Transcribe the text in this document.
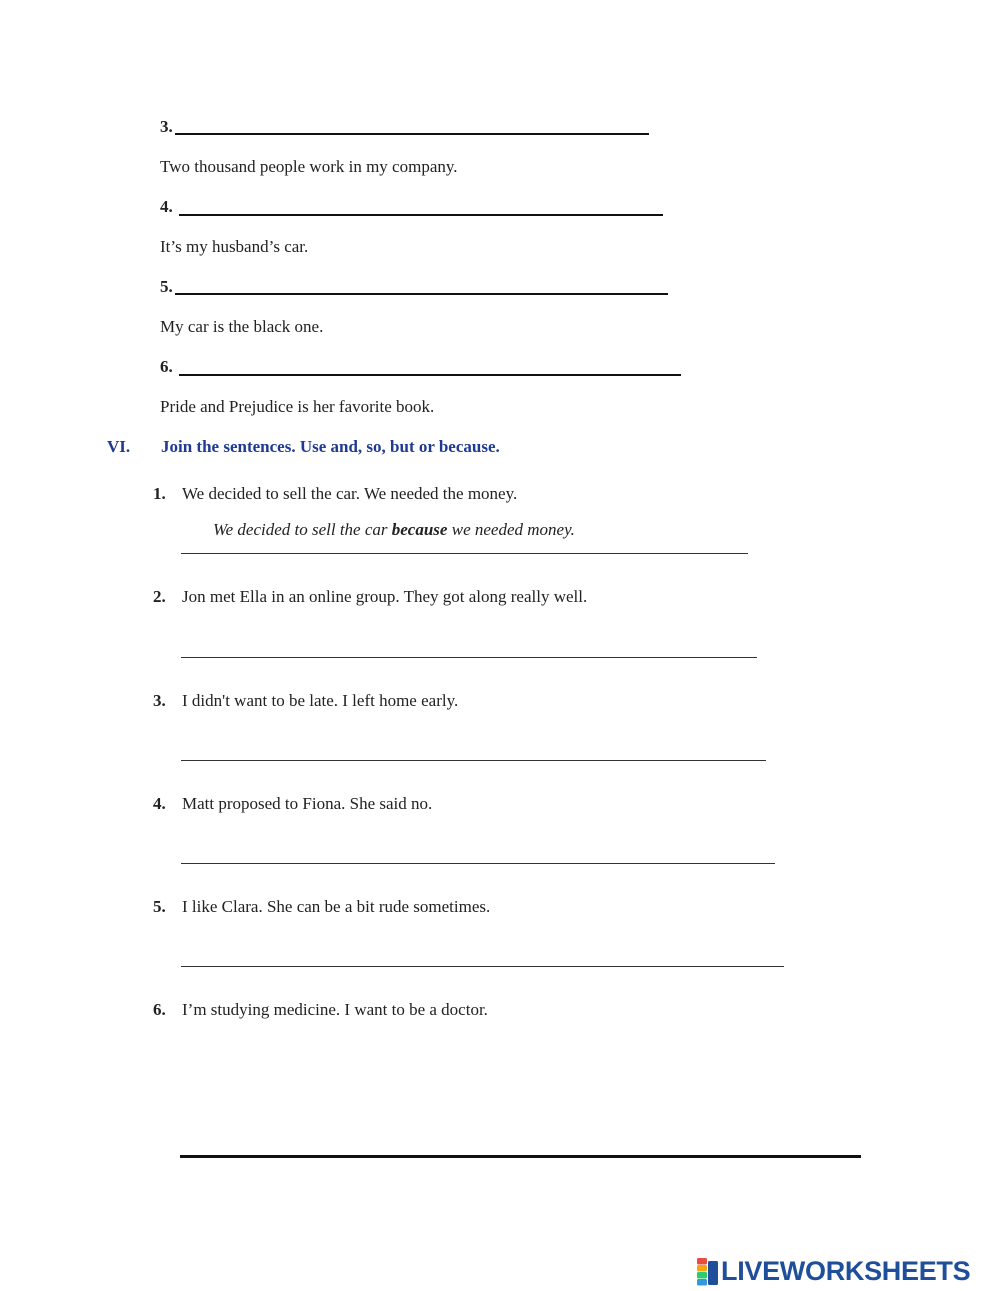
3.
Two thousand people work in my company.
4.
It’s my husband’s car.
5.
My car is the black one.
6.
Pride and Prejudice is her favorite book.
VI. Join the sentences. Use and, so, but or because.
1. We decided to sell the car. We needed the money.
We decided to sell the car because we needed money.
2. Jon met Ella in an online group. They got along really well.
3. I didn't want to be late. I left home early.
4. Matt proposed to Fiona. She said no.
5. I like Clara. She can be a bit rude sometimes.
6. I’m studying medicine. I want to be a doctor.
LIVEWORKSHEETS
